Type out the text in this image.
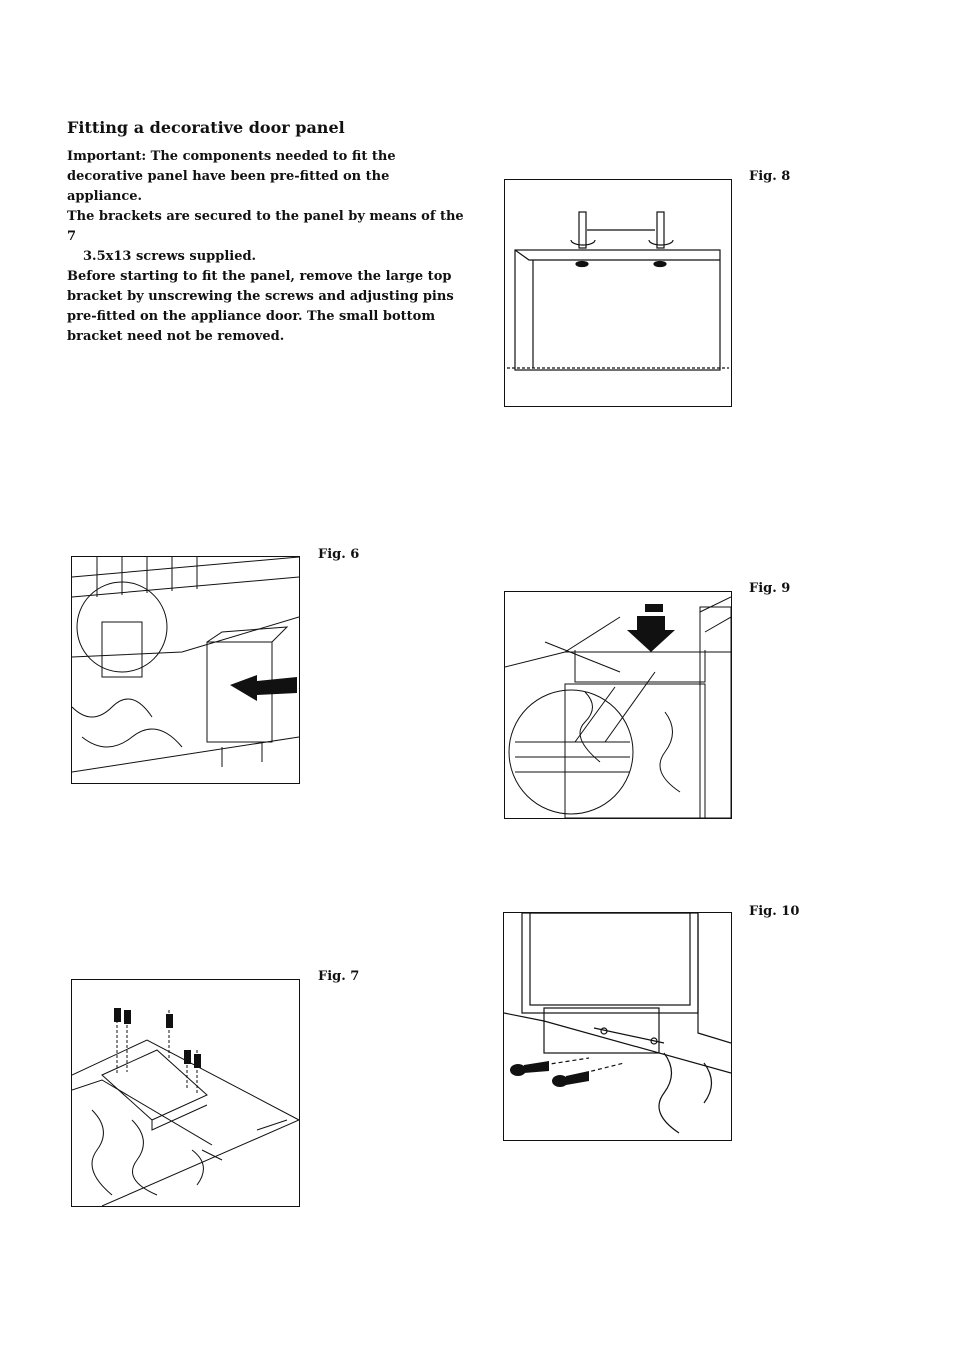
Fitting a decorative door panel

Important: The components needed to fit the decorative panel have been pre-fitted on the appliance.

The brackets are secured to the panel by means of the 7

3.5x13 screws supplied.

Before starting to fit the panel, remove the large top bracket by unscrewing the screws and adjusting pins pre-fitted on the appliance door. The small bottom bracket need not be removed.

Fig. 8
Fig. 6
Fig. 9
Fig. 10
Fig. 7
